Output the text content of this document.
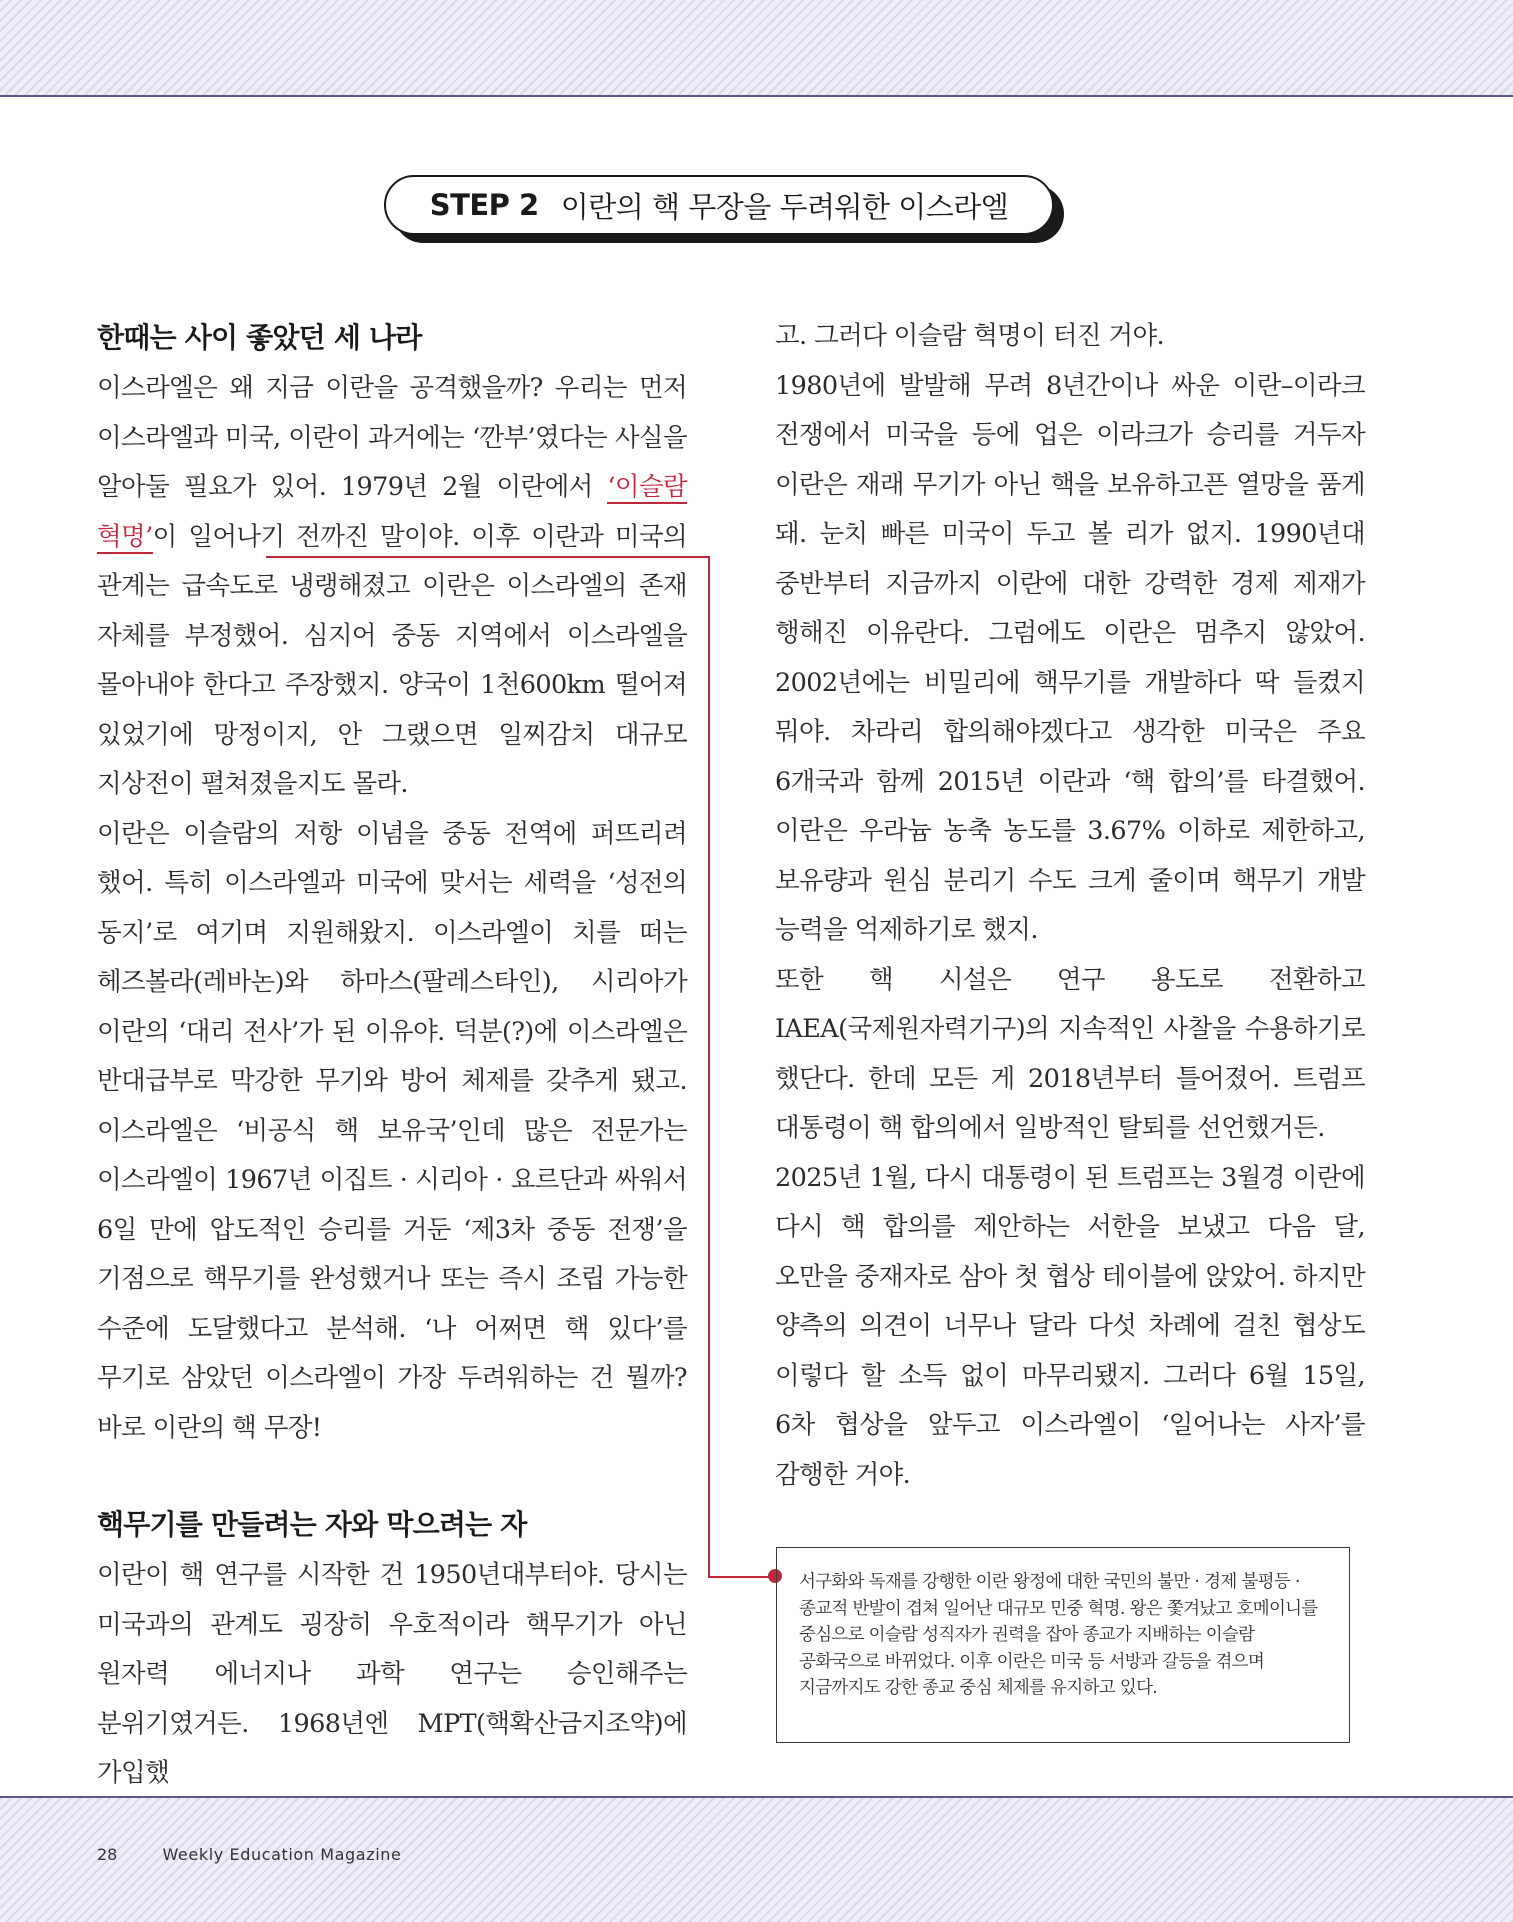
STEP 2 이란의 핵 무장을 두려워한 이스라엘
한때는 사이 좋았던 세 나라

이스라엘은 왜 지금 이란을 공격했을까? 우리는 먼저 이스라엘과 미국, 이란이 과거에는 ‘깐부’였다는 사실을 알아둘 필요가 있어. 1979년 2월 이란에서 ‘이슬람 혁명’이 일어나기 전까진 말이야. 이후 이란과 미국의 관계는 급속도로 냉랭해졌고 이란은 이스라엘의 존재 자체를 부정했어. 심지어 중동 지역에서 이스라엘을 몰아내야 한다고 주장했지. 양국이 1천600km 떨어져 있었기에 망정이지, 안 그랬으면 일찌감치 대규모 지상전이 펼쳐졌을지도 몰라.

이란은 이슬람의 저항 이념을 중동 전역에 퍼뜨리려 했어. 특히 이스라엘과 미국에 맞서는 세력을 ‘성전의 동지’로 여기며 지원해왔지. 이스라엘이 치를 떠는 헤즈볼라(레바논)와 하마스(팔레스타인), 시리아가 이란의 ‘대리 전사’가 된 이유야. 덕분(?)에 이스라엘은 반대급부로 막강한 무기와 방어 체제를 갖추게 됐고. 이스라엘은 ‘비공식 핵 보유국’인데 많은 전문가는 이스라엘이 1967년 이집트 · 시리아 · 요르단과 싸워서 6일 만에 압도적인 승리를 거둔 ‘제3차 중동 전쟁’을 기점으로 핵무기를 완성했거나 또는 즉시 조립 가능한 수준에 도달했다고 분석해. ‘나 어쩌면 핵 있다’를 무기로 삼았던 이스라엘이 가장 두려워하는 건 뭘까? 바로 이란의 핵 무장!

핵무기를 만들려는 자와 막으려는 자

이란이 핵 연구를 시작한 건 1950년대부터야. 당시는 미국과의 관계도 굉장히 우호적이라 핵무기가 아닌 원자력 에너지나 과학 연구는 승인해주는 분위기였거든. 1968년엔 MPT(핵확산금지조약)에 가입했

고. 그러다 이슬람 혁명이 터진 거야.

1980년에 발발해 무려 8년간이나 싸운 이란–이라크 전쟁에서 미국을 등에 업은 이라크가 승리를 거두자 이란은 재래 무기가 아닌 핵을 보유하고픈 열망을 품게 돼. 눈치 빠른 미국이 두고 볼 리가 없지. 1990년대 중반부터 지금까지 이란에 대한 강력한 경제 제재가 행해진 이유란다. 그럼에도 이란은 멈추지 않았어. 2002년에는 비밀리에 핵무기를 개발하다 딱 들켰지 뭐야. 차라리 합의해야겠다고 생각한 미국은 주요 6개국과 함께 2015년 이란과 ‘핵 합의’를 타결했어. 이란은 우라늄 농축 농도를 3.67% 이하로 제한하고, 보유량과 원심 분리기 수도 크게 줄이며 핵무기 개발 능력을 억제하기로 했지.

또한 핵 시설은 연구 용도로 전환하고 IAEA(국제원자력기구)의 지속적인 사찰을 수용하기로 했단다. 한데 모든 게 2018년부터 틀어졌어. 트럼프 대통령이 핵 합의에서 일방적인 탈퇴를 선언했거든.

2025년 1월, 다시 대통령이 된 트럼프는 3월경 이란에 다시 핵 합의를 제안하는 서한을 보냈고 다음 달, 오만을 중재자로 삼아 첫 협상 테이블에 앉았어. 하지만 양측의 의견이 너무나 달라 다섯 차례에 걸친 협상도 이렇다 할 소득 없이 마무리됐지. 그러다 6월 15일, 6차 협상을 앞두고 이스라엘이 ‘일어나는 사자’를 감행한 거야.

서구화와 독재를 강행한 이란 왕정에 대한 국민의 불만 · 경제 불평등 · 종교적 반발이 겹쳐 일어난 대규모 민중 혁명. 왕은 쫓겨났고 호메이니를 중심으로 이슬람 성직자가 권력을 잡아 종교가 지배하는 이슬람 공화국으로 바뀌었다. 이후 이란은 미국 등 서방과 갈등을 겪으며 지금까지도 강한 종교 중심 체제를 유지하고 있다.
28	Weekly Education Magazine
